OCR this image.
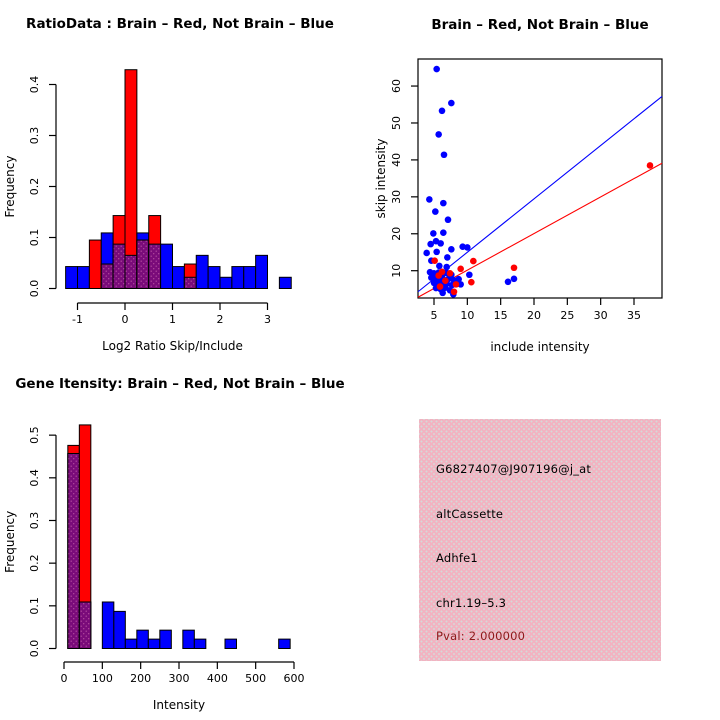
0.0
0.1
0.2
0.3
0.4
Frequency
-1	0	1	2	3
Log2 Ratio Skip/Include
RatioData : Brain – Red, Not Brain – Blue
5 10 15 20 25 30 35
10
20
30
40
50
60
include intensity
skip intensity
Brain – Red, Not Brain – Blue
0.0
0.1
0.2
0.3
0.4
0.5
Frequency
0 100 200 300 400 500 600
Intensity
Gene Itensity: Brain – Red, Not Brain – Blue
G6827407@J907196@j_at
altCassette
Adhfe1
chr1.19–5.3
Pval: 2.000000
